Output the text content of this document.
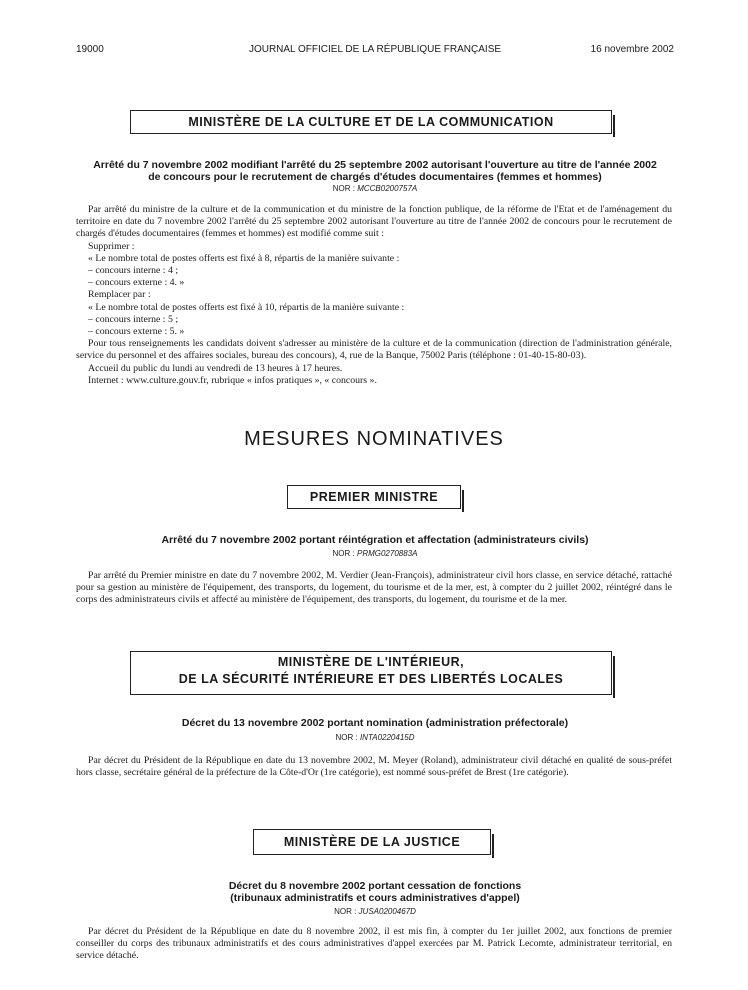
19000	JOURNAL OFFICIEL DE LA RÉPUBLIQUE FRANÇAISE	16 novembre 2002
MINISTÈRE DE LA CULTURE ET DE LA COMMUNICATION
Arrêté du 7 novembre 2002 modifiant l'arrêté du 25 septembre 2002 autorisant l'ouverture au titre de l'année 2002
de concours pour le recrutement de chargés d'études documentaires (femmes et hommes)
NOR : MCCB0200757A

Par arrêté du ministre de la culture et de la communication et du ministre de la fonction publique, de la réforme de l'Etat et de l'aménagement du territoire en date du 7 novembre 2002 l'arrêté du 25 septembre 2002 autorisant l'ouverture au titre de l'année 2002 de concours pour le recrutement de chargés d'études documentaires (femmes et hommes) est modifié comme suit :

Supprimer :

« Le nombre total de postes offerts est fixé à 8, répartis de la manière suivante :

– concours interne : 4 ;

– concours externe : 4. »

Remplacer par :

« Le nombre total de postes offerts est fixé à 10, répartis de la manière suivante :

– concours interne : 5 ;

– concours externe : 5. »

Pour tous renseignements les candidats doivent s'adresser au ministère de la culture et de la communication (direction de l'administration générale, service du personnel et des affaires sociales, bureau des concours), 4, rue de la Banque, 75002 Paris (téléphone : 01-40-15-80-03).

Accueil du public du lundi au vendredi de 13 heures à 17 heures.

Internet : www.culture.gouv.fr, rubrique « infos pratiques », « concours ».

MESURES NOMINATIVES
PREMIER MINISTRE
Arrêté du 7 novembre 2002 portant réintégration et affectation (administrateurs civils)
NOR : PRMG0270883A

Par arrêté du Premier ministre en date du 7 novembre 2002, M. Verdier (Jean-François), administrateur civil hors classe, en service détaché, rattaché pour sa gestion au ministère de l'équipement, des transports, du logement, du tourisme et de la mer, est, à compter du 2 juillet 2002, réintégré dans le corps des administrateurs civils et affecté au ministère de l'équipement, des transports, du logement, du tourisme et de la mer.

MINISTÈRE DE L'INTÉRIEUR,
DE LA SÉCURITÉ INTÉRIEURE ET DES LIBERTÉS LOCALES
Décret du 13 novembre 2002 portant nomination (administration préfectorale)
NOR : INTA0220415D

Par décret du Président de la République en date du 13 novembre 2002, M. Meyer (Roland), administrateur civil détaché en qualité de sous-préfet hors classe, secrétaire général de la préfecture de la Côte-d'Or (1re catégorie), est nommé sous-préfet de Brest (1re catégorie).

MINISTÈRE DE LA JUSTICE
Décret du 8 novembre 2002 portant cessation de fonctions
(tribunaux administratifs et cours administratives d'appel)
NOR : JUSA0200467D

Par décret du Président de la République en date du 8 novembre 2002, il est mis fin, à compter du 1er juillet 2002, aux fonctions de premier conseiller du corps des tribunaux administratifs et des cours administratives d'appel exercées par M. Patrick Lecomte, administrateur territorial, en service détaché.
